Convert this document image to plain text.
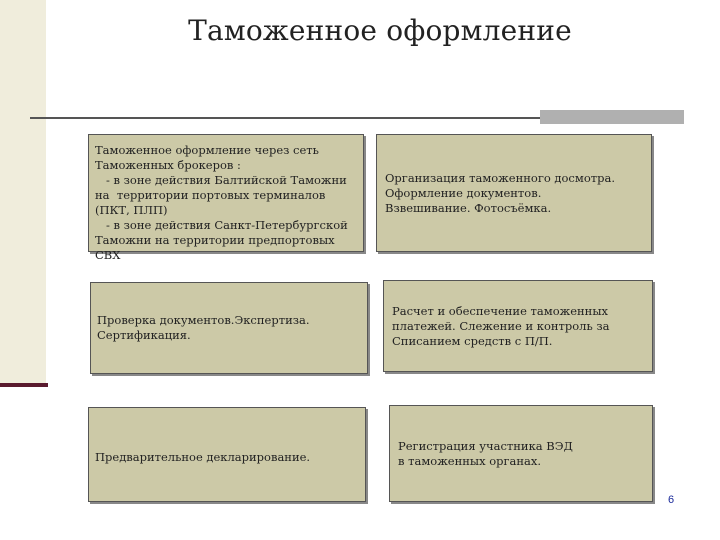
Таможенное оформление
Таможенное оформление через сеть
Таможенных брокеров :
- в зоне действия Балтийской Таможни
на  территории портовых терминалов
(ПКТ, ПЛП)
- в зоне действия Санкт-Петербургской
Таможни на территории предпортовых СВХ
Организация таможенного досмотра.
Оформление документов.
Взвешивание. Фотосъёмка.
Проверка документов.Экспертиза.
Сертификация.
Расчет и обеспечение таможенных
платежей. Слежение и контроль за
Списанием средств с П/П.
Предварительное декларирование.
Регистрация участника ВЭД
в таможенных органах.
6
